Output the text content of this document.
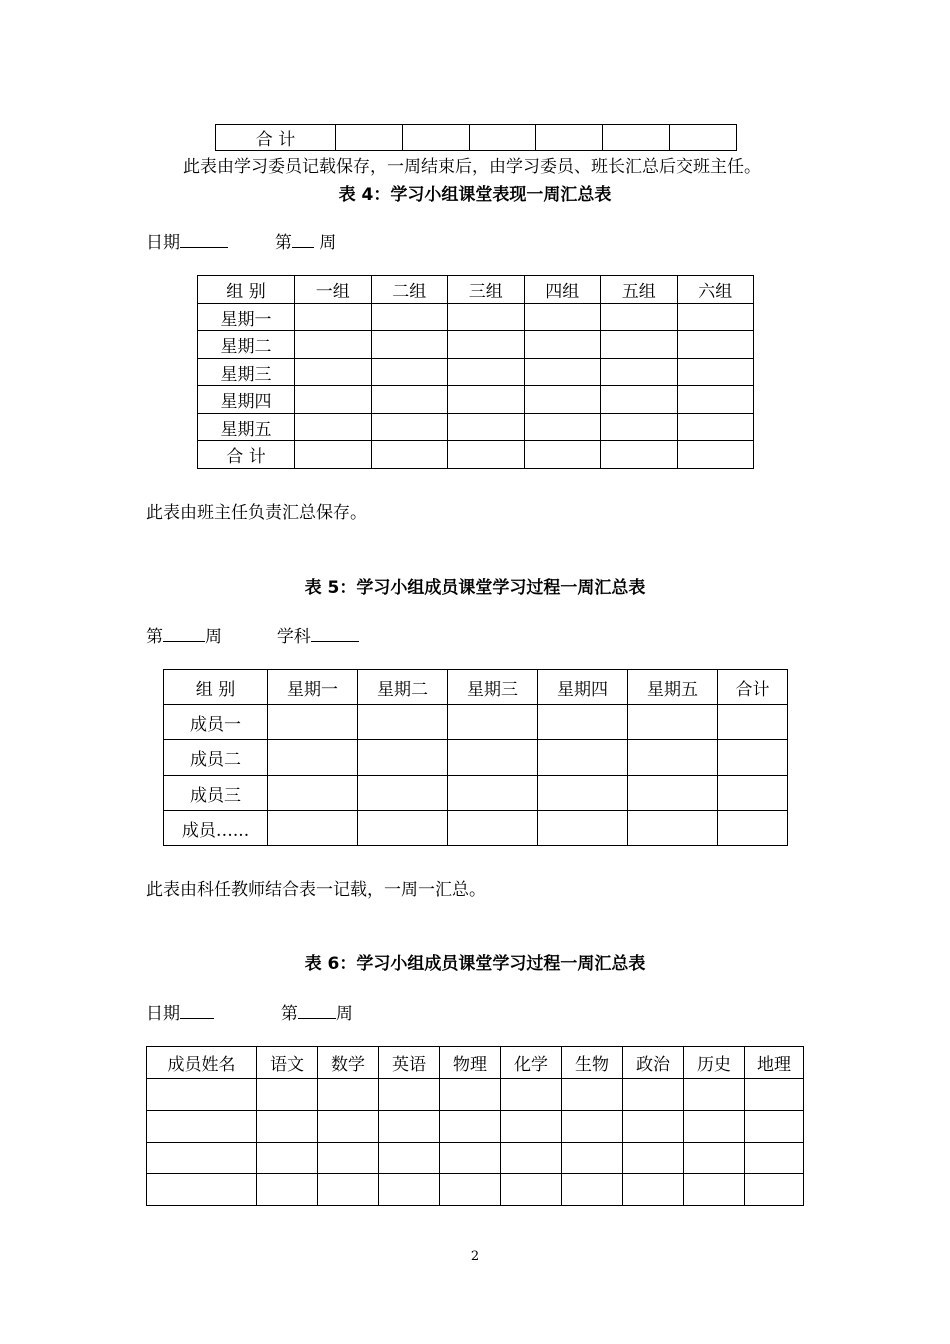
合 计						
此表由学习委员记载保存，一周结束后，由学习委员、班长汇总后交班主任。
表 4：学习小组课堂表现一周汇总表
日期	第 周
组 别	一组	二组	三组	四组	五组	六组
星期一						
星期二						
星期三						
星期四						
星期五						
合 计						
此表由班主任负责汇总保存。
表 5：学习小组成员课堂学习过程一周汇总表
第 周	学科
组 别	星期一	星期二	星期三	星期四	星期五	合计
成员一						
成员二						
成员三						
成员…...						
此表由科任教师结合表一记载，一周一汇总。
表 6：学习小组成员课堂学习过程一周汇总表
日期	第 周
成员姓名	语文	数学	英语	物理	化学	生物	政治	历史	地理

2
